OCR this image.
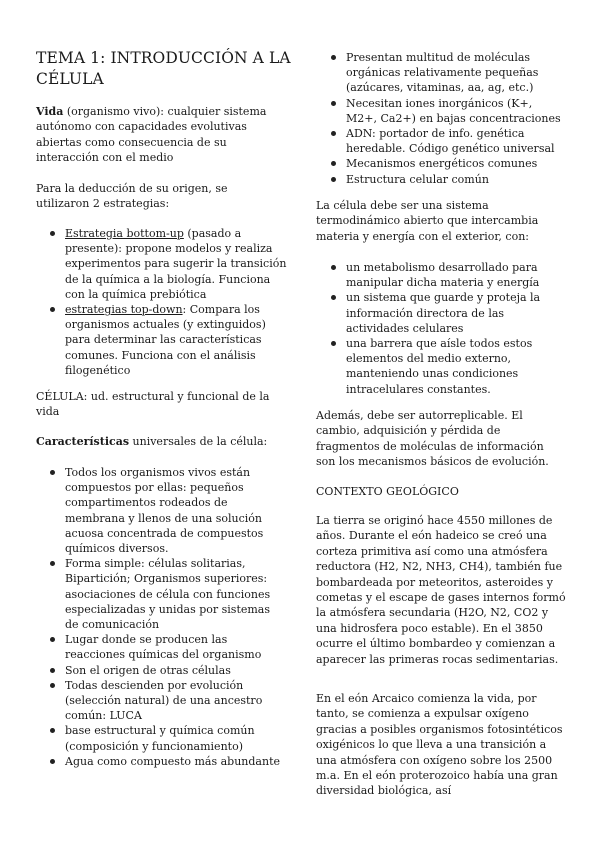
TEMA 1: INTRODUCCIÓN A LA CÉLULA

Vida (organismo vivo): cualquier sistema autónomo con capacidades evolutivas abiertas como consecuencia de su interacción con el medio

Para la deducción de su origen, se utilizaron 2 estrategias:

Estrategia bottom-up (pasado a presente): propone modelos y realiza experimentos para sugerir la transición de la química a la biología. Funciona con la química prebiótica
estrategias top-down: Compara los organismos actuales (y extinguidos) para determinar las características comunes. Funciona con el análisis filogenético

CÉLULA: ud. estructural y funcional de la vida

Características universales de la célula:

Todos los organismos vivos están compuestos por ellas: pequeños compartimentos rodeados de membrana y llenos de una solución acuosa concentrada de compuestos químicos diversos.
Forma simple: células solitarias, Bipartición; Organismos superiores: asociaciones de célula con funciones especializadas y unidas por sistemas de comunicación
Lugar donde se producen las reacciones químicas del organismo
Son el origen de otras células
Todas descienden por evolución (selección natural) de una ancestro común: LUCA
base estructural y química común (composición y funcionamiento)
Agua como compuesto más abundante
Presentan multitud de moléculas orgánicas relativamente pequeñas (azúcares, vitaminas, aa, ag, etc.)
Necesitan iones inorgánicos (K+, M2+, Ca2+) en bajas concentraciones
ADN: portador de info. genética heredable. Código genético universal
Mecanismos energéticos comunes
Estructura celular común

La célula debe ser una sistema termodinámico abierto que intercambia materia y energía con el exterior, con:

un metabolismo desarrollado para manipular dicha materia y energía
un sistema que guarde y proteja la información directora de las actividades celulares
una barrera que aísle todos estos elementos del medio externo, manteniendo unas condiciones intracelulares constantes.

Además, debe ser autorreplicable. El cambio, adquisición y pérdida de fragmentos de moléculas de información son los mecanismos básicos de evolución.

CONTEXTO GEOLÓGICO

La tierra se originó hace 4550 millones de años. Durante el eón hadeico se creó una corteza primitiva así como una atmósfera reductora (H2, N2, NH3, CH4), también fue bombardeada por meteoritos, asteroides y cometas y el escape de gases internos formó la atmósfera secundaria (H2O, N2, CO2 y una hidrosfera poco estable). En el 3850 ocurre el último bombardeo y comienzan a aparecer las primeras rocas sedimentarias.

En el eón Arcaico comienza la vida, por tanto, se comienza a expulsar oxígeno gracias a posibles organismos fotosintéticos oxigénicos lo que lleva a una transición a una atmósfera con oxígeno sobre los 2500 m.a. En el eón proterozoico había una gran diversidad biológica, así
